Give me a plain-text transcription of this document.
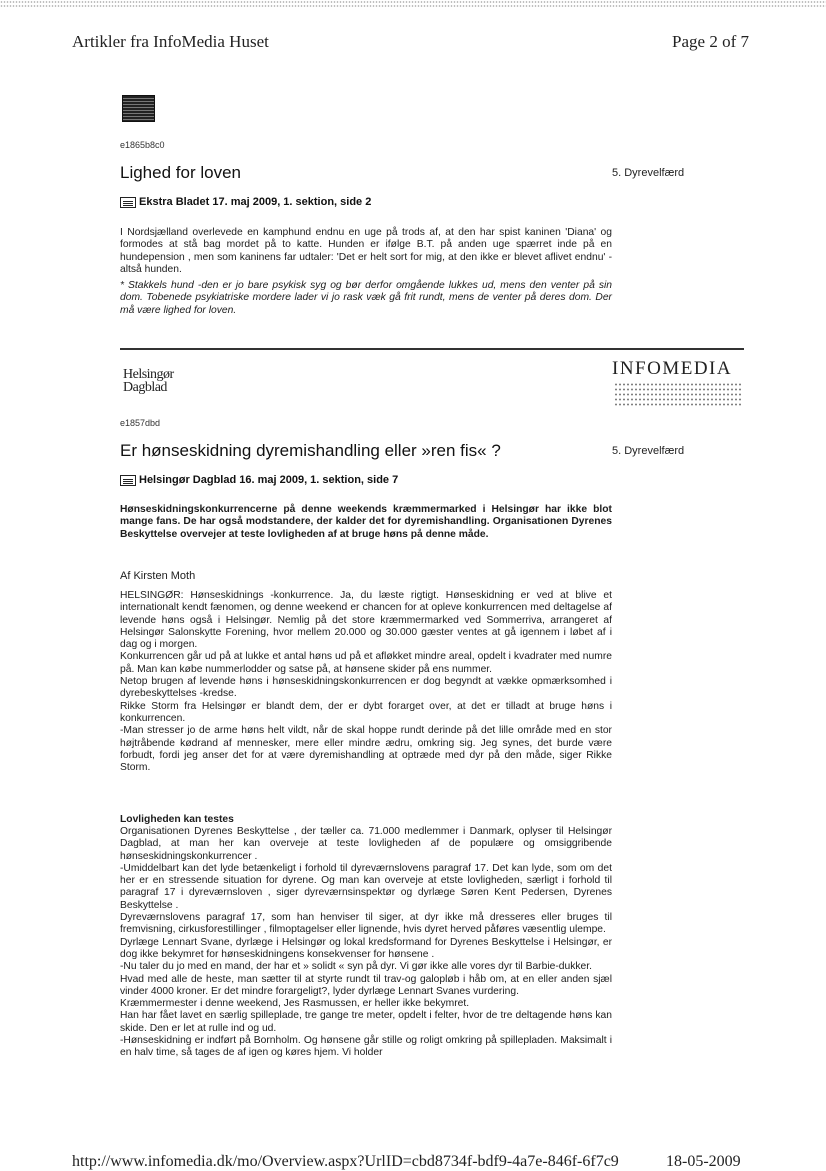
Artikler fra InfoMedia Huset	Page 2 of 7
e1865b8c0
Lighed for loven	5. Dyrevelfærd
Ekstra Bladet 17. maj 2009, 1. sektion, side 2
I Nordsjælland overlevede en kamphund endnu en uge på trods af, at den har spist kaninen 'Diana' og formodes at stå bag mordet på to katte. Hunden er ifølge B.T. på anden uge spærret inde på en hundepension , men som kaninens far udtaler: 'Det er helt sort for mig, at den ikke er blevet aflivet endnu' -altså hunden.
* Stakkels hund -den er jo bare psykisk syg og bør derfor omgående lukkes ud, mens den venter på sin dom. Tobenede psykiatriske mordere lader vi jo rask væk gå frit rundt, mens de venter på deres dom. Der må være lighed for loven.
Helsingør
Dagblad
INFOMEDIA
e1857dbd
Er hønseskidning dyremishandling eller »ren fis« ?	5. Dyrevelfærd
Helsingør Dagblad 16. maj 2009, 1. sektion, side 7
Hønseskidningskonkurrencerne på denne weekends kræmmermarked i Helsingør har ikke blot mange fans. De har også modstandere, der kalder det for dyremishandling. Organisationen Dyrenes Beskyttelse overvejer at teste lovligheden af at bruge høns på denne måde.
Af Kirsten Moth
HELSINGØR: Hønseskidnings -konkurrence. Ja, du læste rigtigt. Hønseskidning er ved at blive et internationalt kendt fænomen, og denne weekend er chancen for at opleve konkurrencen med deltagelse af levende høns også i Helsingør. Nemlig på det store kræmmermarked ved Sommerriva, arrangeret af Helsingør Salonskytte Forening, hvor mellem 20.000 og 30.000 gæster ventes at gå igennem i løbet af i dag og i morgen.
Konkurrencen går ud på at lukke et antal høns ud på et afløkket mindre areal, opdelt i kvadrater med numre på. Man kan købe nummerlodder og satse på, at hønsene skider på ens nummer.
Netop brugen af levende høns i hønseskidningskonkurrencen er dog begyndt at vække opmærksomhed i dyrebeskyttelses -kredse.
Rikke Storm fra Helsingør er blandt dem, der er dybt forarget over, at det er tilladt at bruge høns i konkurrencen.
-Man stresser jo de arme høns helt vildt, når de skal hoppe rundt derinde på det lille område med en stor højtråbende kødrand af mennesker, mere eller mindre ædru, omkring sig. Jeg synes, det burde være forbudt, fordi jeg anser det for at være dyremishandling at optræde med dyr på den måde, siger Rikke Storm.
Lovligheden kan testes
Organisationen Dyrenes Beskyttelse , der tæller ca. 71.000 medlemmer i Danmark, oplyser til Helsingør Dagblad, at man her kan overveje at teste lovligheden af de populære og omsiggribende hønseskidningskonkurrencer .
-Umiddelbart kan det lyde betænkeligt i forhold til dyreværnslovens paragraf 17. Det kan lyde, som om det her er en stressende situation for dyrene. Og man kan overveje at etste lovligheden, særligt i forhold til paragraf 17 i dyreværnsloven , siger dyreværnsinspektør og dyrlæge Søren Kent Pedersen, Dyrenes Beskyttelse .
Dyreværnslovens paragraf 17, som han henviser til siger, at dyr ikke må dresseres eller bruges til fremvisning, cirkusforestillinger , filmoptagelser eller lignende, hvis dyret herved påføres væsentlig ulempe.
Dyrlæge Lennart Svane, dyrlæge i Helsingør og lokal kredsformand for Dyrenes Beskyttelse i Helsingør, er dog ikke bekymret for hønseskidningens konsekvenser for hønsene .
-Nu taler du jo med en mand, der har et » solidt « syn på dyr. Vi gør ikke alle vores dyr til Barbie-dukker.
Hvad med alle de heste, man sætter til at styrte rundt til trav-og galopløb i håb om, at en eller anden sjæl vinder 4000 kroner. Er det mindre forargeligt?, lyder dyrlæge Lennart Svanes vurdering.
Kræmmermester i denne weekend, Jes Rasmussen, er heller ikke bekymret.
Han har fået lavet en særlig spilleplade, tre gange tre meter, opdelt i felter, hvor de tre deltagende høns kan skide. Den er let at rulle ind og ud.
-Hønseskidning er indført på Bornholm. Og hønsene går stille og roligt omkring på spillepladen. Maksimalt i en halv time, så tages de af igen og køres hjem. Vi holder
http://www.infomedia.dk/mo/Overview.aspx?UrlID=cbd8734f-bdf9-4a7e-846f-6f7c9	18-05-2009
